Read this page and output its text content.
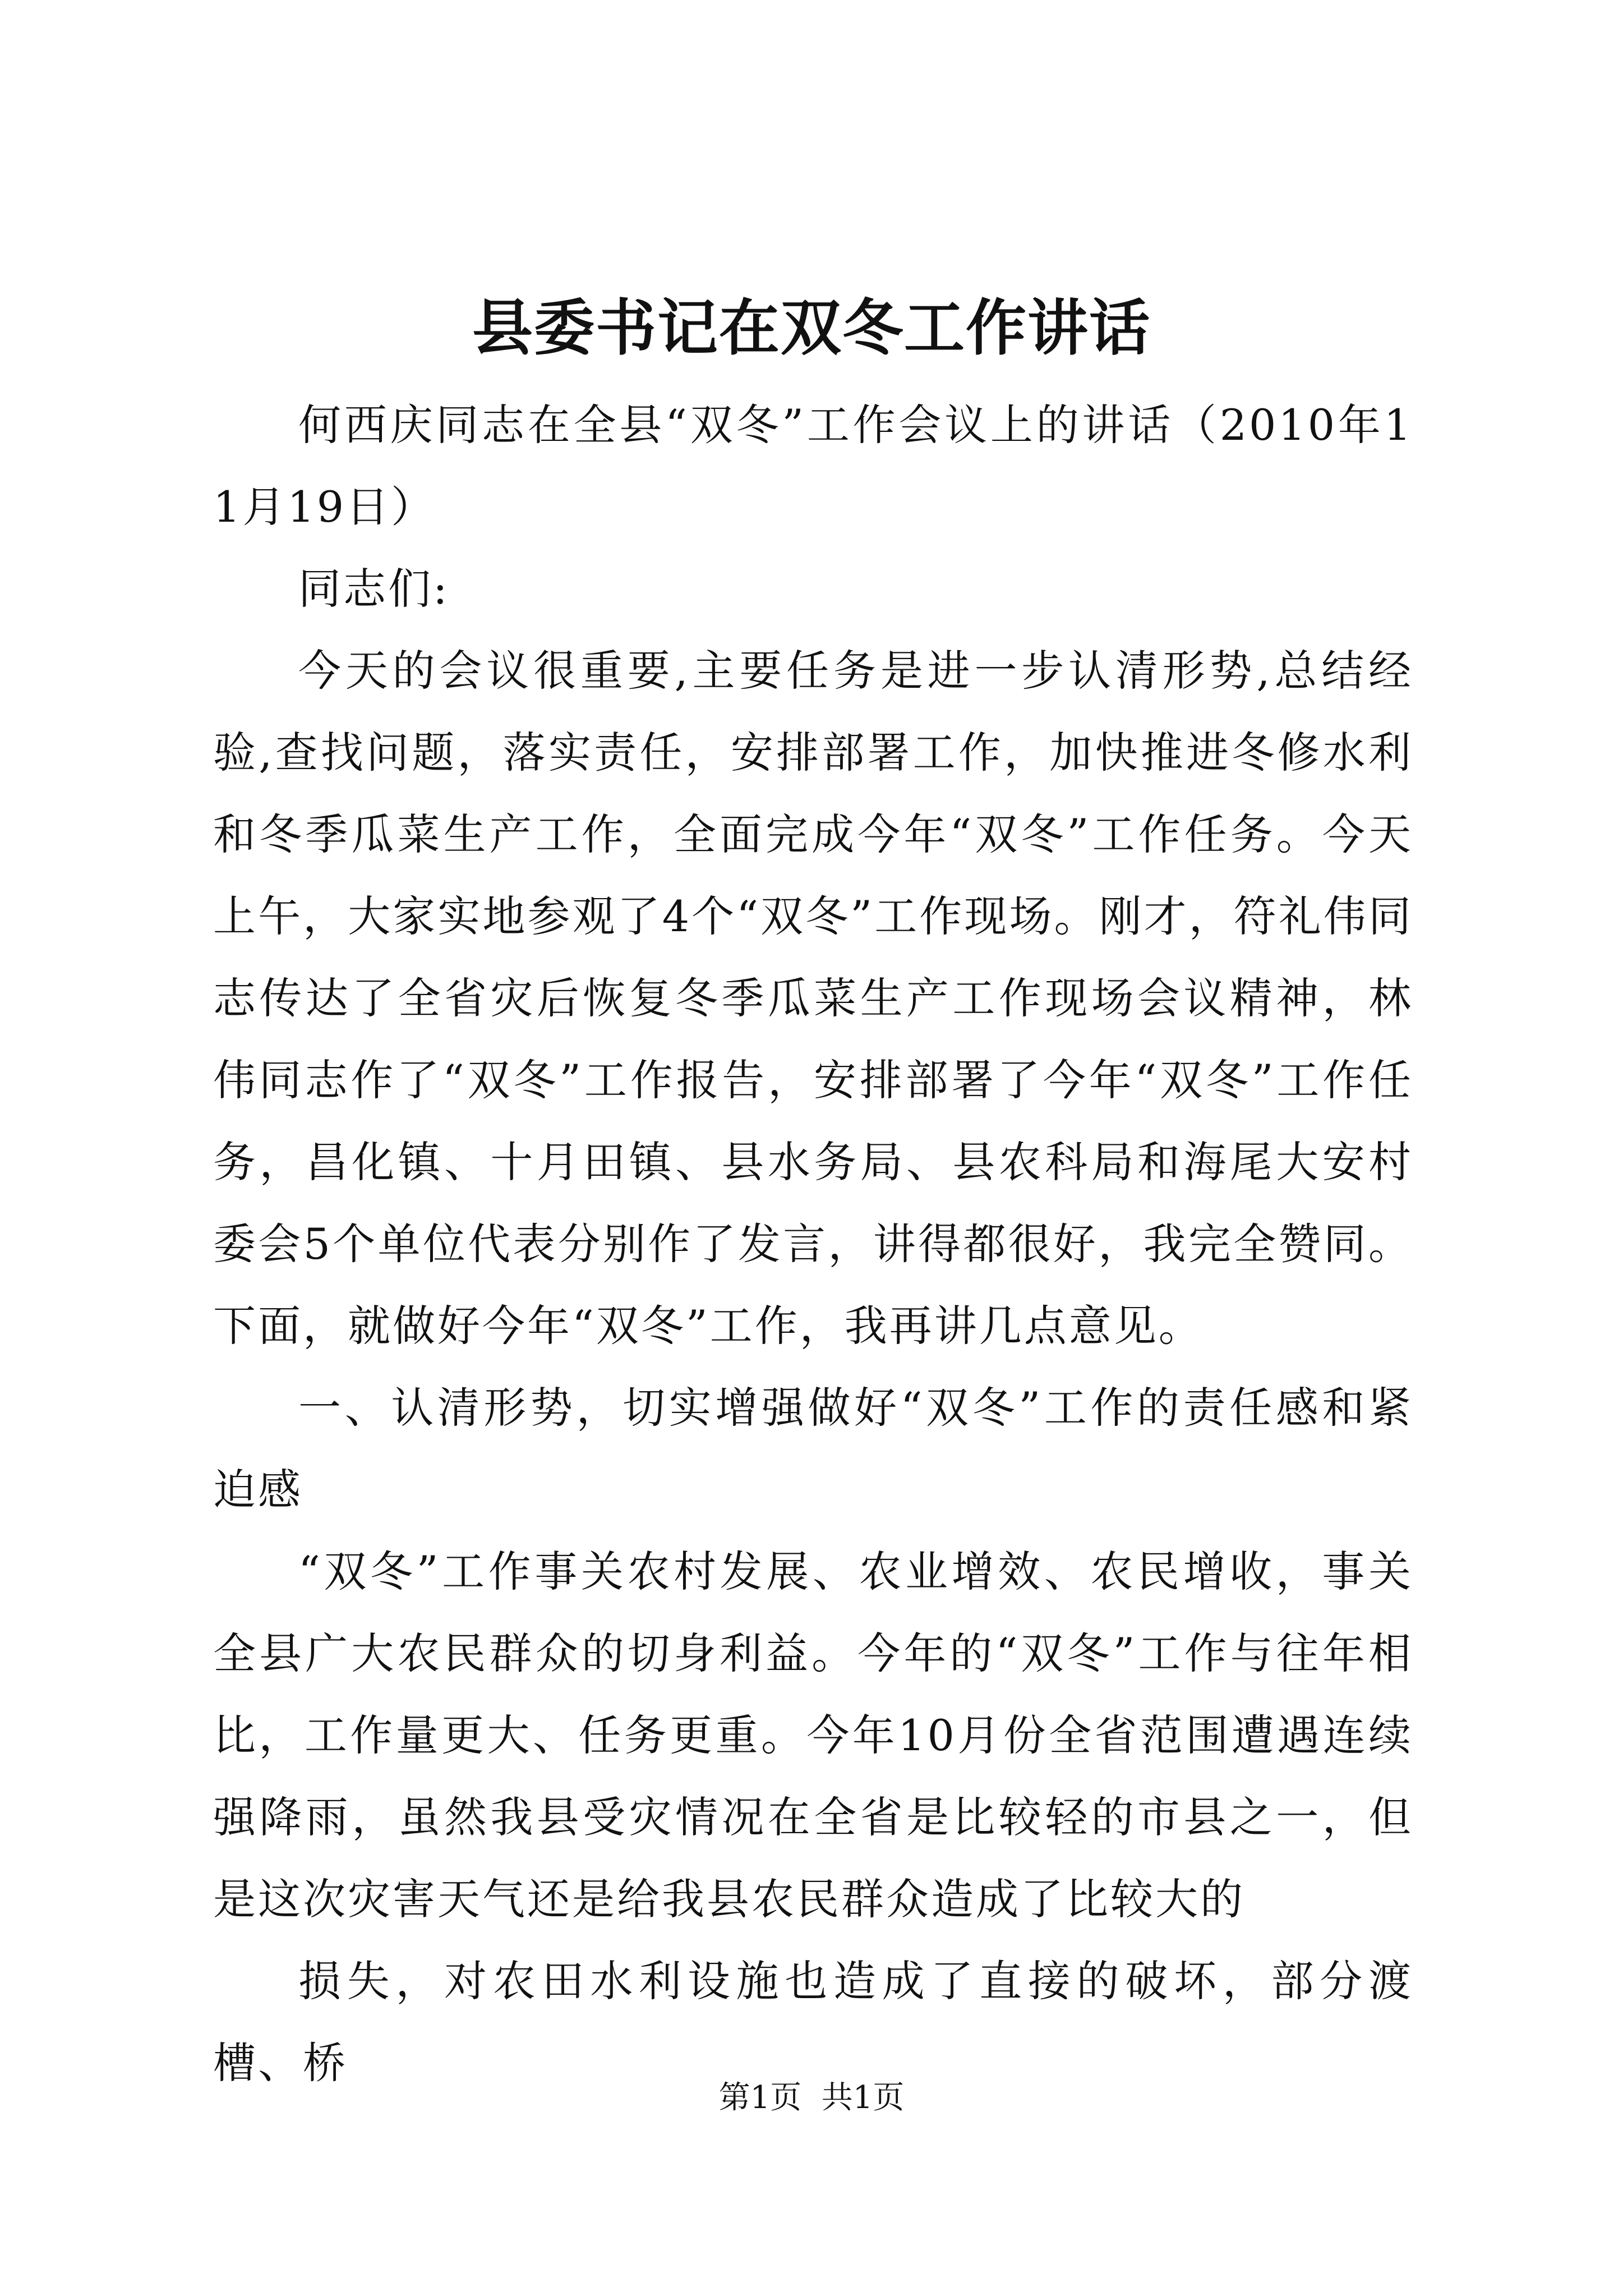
县委书记在双冬工作讲话

何西庆同志在全县“双冬”工作会议上的讲话（2010年11月19日）

同志们:

今天的会议很重要,主要任务是进一步认清形势,总结经验,查找问题，落实责任，安排部署工作，加快推进冬修水利和冬季瓜菜生产工作，全面完成今年“双冬”工作任务。今天上午，大家实地参观了4个“双冬”工作现场。刚才，符礼伟同志传达了全省灾后恢复冬季瓜菜生产工作现场会议精神，林伟同志作了“双冬”工作报告，安排部署了今年“双冬”工作任务，昌化镇、十月田镇、县水务局、县农科局和海尾大安村委会5个单位代表分别作了发言，讲得都很好，我完全赞同。下面，就做好今年“双冬”工作，我再讲几点意见。

一、认清形势，切实增强做好“双冬”工作的责任感和紧迫感

“双冬”工作事关农村发展、农业增效、农民增收，事关全县广大农民群众的切身利益。今年的“双冬”工作与往年相比，工作量更大、任务更重。今年10月份全省范围遭遇连续强降雨，虽然我县受灾情况在全省是比较轻的市县之一，但是这次灾害天气还是给我县农民群众造成了比较大的

损失，对农田水利设施也造成了直接的破坏，部分渡槽、桥

第1页  共1页
